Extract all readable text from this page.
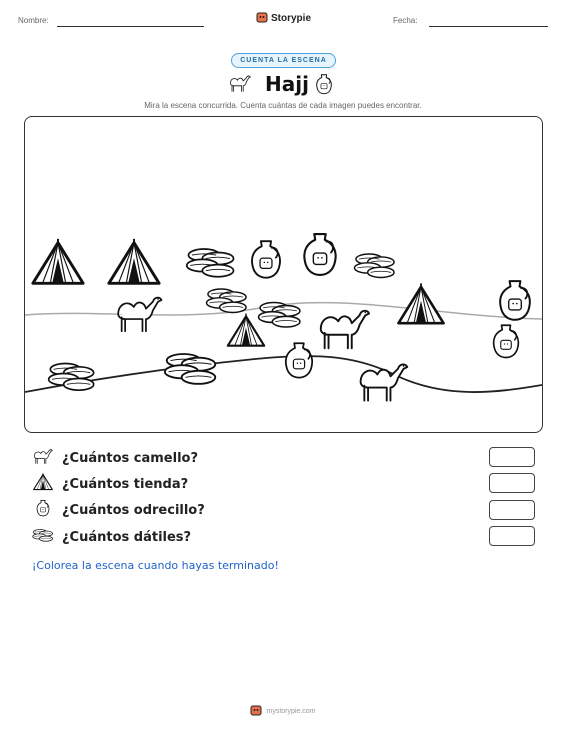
Nombre:	Storypie	Fecha:
CUENTA LA ESCENA
Hajj
Mira la escena concurrida. Cuenta cuántas de cada imagen puedes encontrar.
¿Cuántos camello?
¿Cuántos tienda?
¿Cuántos odrecillo?
¿Cuántos dátiles?
¡Colorea la escena cuando hayas terminado!
mystorypie.com
